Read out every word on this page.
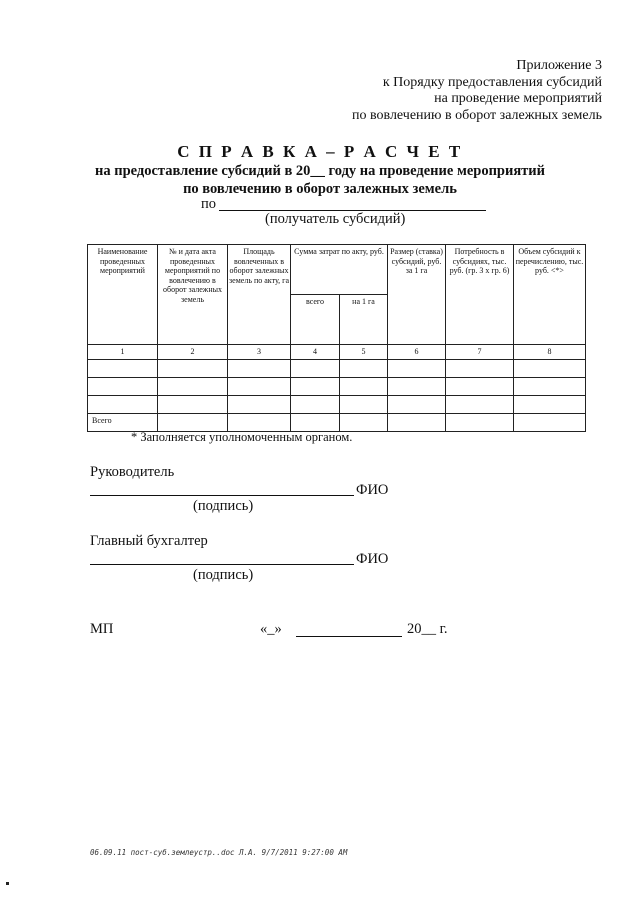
Приложение 3
к Порядку предоставления субсидий
на проведение мероприятий
по вовлечению в оборот залежных земель
С П Р А В К А – Р А С Ч Е Т
на предоставление субсидий в 20__ году на проведение мероприятий
по вовлечению в оборот залежных земель
по
(получатель субсидий)
Наименование проведенных мероприятий	№ и дата акта проведенных мероприятий по вовлечению в оборот залежных земель	Площадь вовлеченных в оборот залежных земель по акту, га	Сумма затрат по акту, руб.		Размер (ставка) субсидий, руб. за 1 га	Потребность в субсидиях, тыс. руб. (гр. 3 х гр. 6)	Объем субсидий к перечислению, тыс. руб. <*>
			всего	на 1 га			
1	2	3	4	5	6	7	8

Всего							
* Заполняется уполномоченным органом.
Руководитель
ФИО
(подпись)
Главный бухгалтер
ФИО
(подпись)
МП	«_»	20__ г.
06.09.11 пост-суб.землеустр..doc Л.А. 9/7/2011 9:27:00 AM
